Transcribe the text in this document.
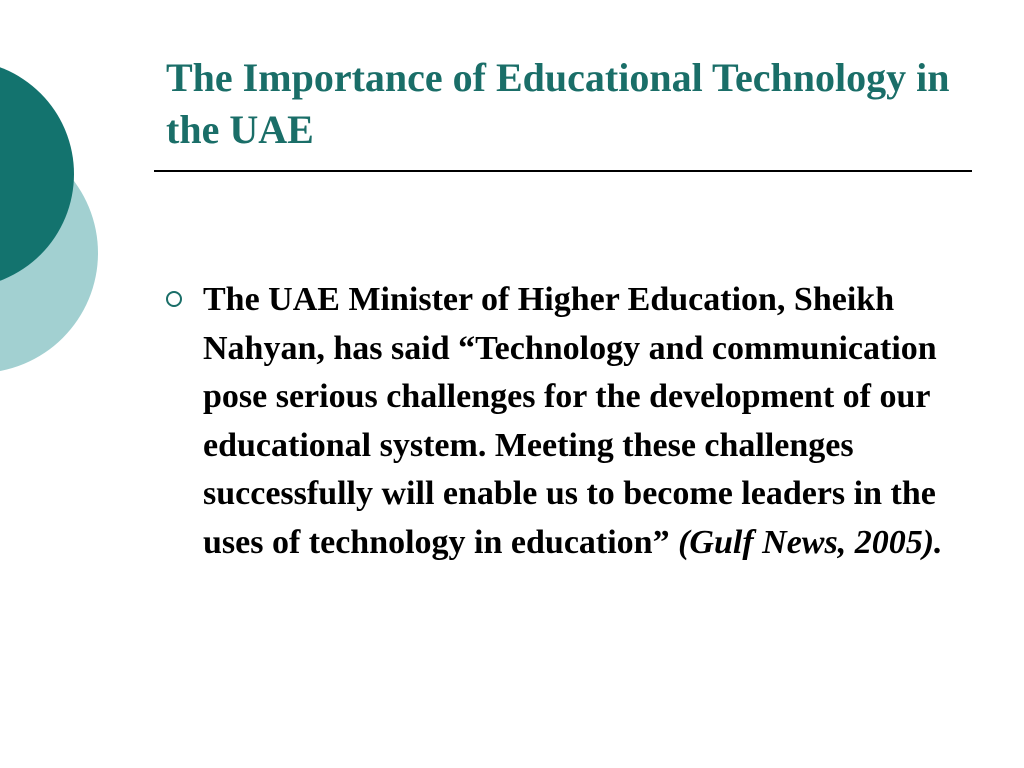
The Importance of Educational Technology in the UAE
The UAE Minister of Higher Education, Sheikh Nahyan, has said “Technology and communication pose serious challenges for the development of our educational system. Meeting these challenges successfully will enable us to become leaders in the uses of technology in education” (Gulf News, 2005).
